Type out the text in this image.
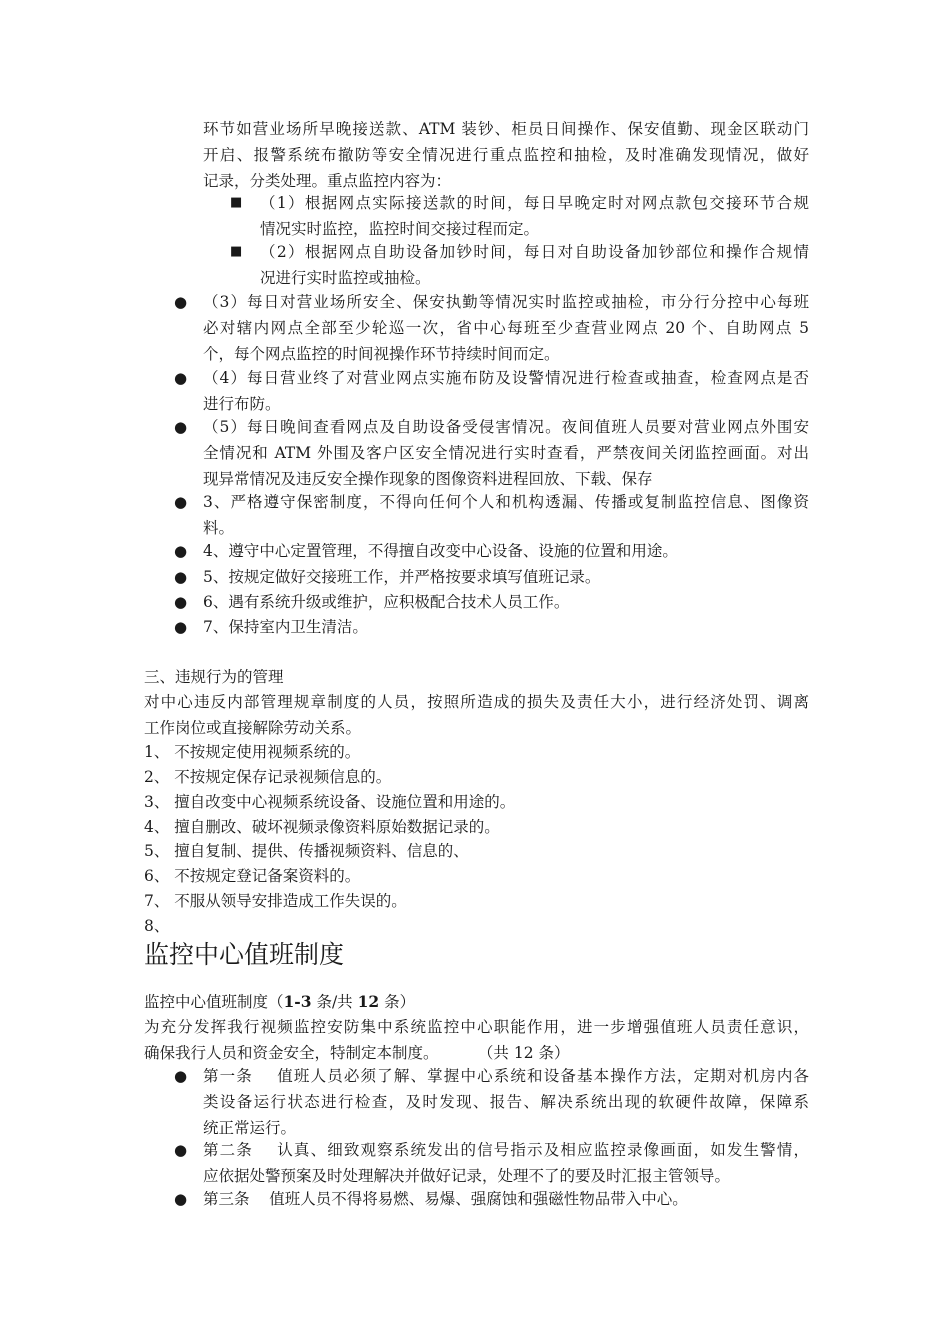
环节如营业场所早晚接送款、ATM 装钞、柜员日间操作、保安值勤、现金区联动门
开启、报警系统布撤防等安全情况进行重点监控和抽检，及时准确发现情况，做好
记录，分类处理。重点监控内容为：
■ （1）根据网点实际接送款的时间，每日早晚定时对网点款包交接环节合规
情况实时监控，监控时间交接过程而定。
■ （2）根据网点自助设备加钞时间，每日对自助设备加钞部位和操作合规情
况进行实时监控或抽检。
● （3）每日对营业场所安全、保安执勤等情况实时监控或抽检，市分行分控中心每班
必对辖内网点全部至少轮巡一次，省中心每班至少查营业网点 20 个、自助网点 5
个，每个网点监控的时间视操作环节持续时间而定。
● （4）每日营业终了对营业网点实施布防及设警情况进行检查或抽查，检查网点是否
进行布防。
● （5）每日晚间查看网点及自助设备受侵害情况。夜间值班人员要对营业网点外围安
全情况和 ATM 外围及客户区安全情况进行实时查看，严禁夜间关闭监控画面。对出
现异常情况及违反安全操作现象的图像资料进程回放、下载、保存
● 3、严格遵守保密制度，不得向任何个人和机构透漏、传播或复制监控信息、图像资
料。
● 4、遵守中心定置管理，不得擅自改变中心设备、设施的位置和用途。
● 5、按规定做好交接班工作，并严格按要求填写值班记录。
● 6、遇有系统升级或维护，应积极配合技术人员工作。
● 7、保持室内卫生清洁。
三、违规行为的管理
对中心违反内部管理规章制度的人员，按照所造成的损失及责任大小，进行经济处罚、调离
工作岗位或直接解除劳动关系。
1、 不按规定使用视频系统的。
2、 不按规定保存记录视频信息的。
3、 擅自改变中心视频系统设备、设施位置和用途的。
4、 擅自删改、破坏视频录像资料原始数据记录的。
5、 擅自复制、提供、传播视频资料、信息的、
6、 不按规定登记备案资料的。
7、 不服从领导安排造成工作失误的。
8、
监控中心值班制度
监控中心值班制度（1-3 条/共 12 条）
为充分发挥我行视频监控安防集中系统监控中心职能作用，进一步增强值班人员责任意识，
确保我行人员和资金安全，特制定本制度。        （共 12 条）
● 第一条    值班人员必须了解、掌握中心系统和设备基本操作方法，定期对机房内各
类设备运行状态进行检查，及时发现、报告、解决系统出现的软硬件故障，保障系
统正常运行。
● 第二条    认真、细致观察系统发出的信号指示及相应监控录像画面，如发生警情，
应依据处警预案及时处理解决并做好记录，处理不了的要及时汇报主管领导。
● 第三条    值班人员不得将易燃、易爆、强腐蚀和强磁性物品带入中心。
